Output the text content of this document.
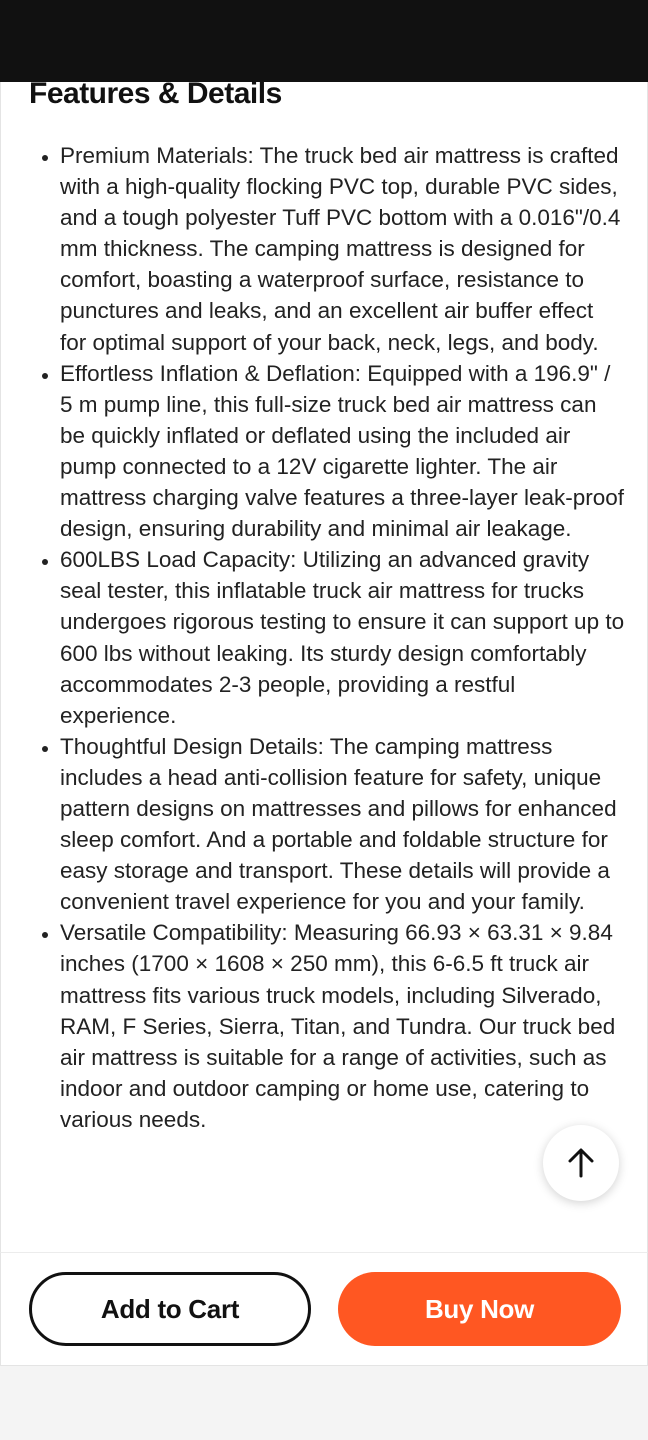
Features & Details
• Premium Materials: The truck bed air mattress is crafted with a high-quality flocking PVC top, durable PVC sides, and a tough polyester Tuff PVC bottom with a 0.016"/0.4 mm thickness. The camping mattress is designed for comfort, boasting a waterproof surface, resistance to punctures and leaks, and an excellent air buffer effect for optimal support of your back, neck, legs, and body.
• Effortless Inflation & Deflation: Equipped with a 196.9" / 5 m pump line, this full-size truck bed air mattress can be quickly inflated or deflated using the included air pump connected to a 12V cigarette lighter. The air mattress charging valve features a three-layer leak-proof design, ensuring durability and minimal air leakage.
• 600LBS Load Capacity: Utilizing an advanced gravity seal tester, this inflatable truck air mattress for trucks undergoes rigorous testing to ensure it can support up to 600 lbs without leaking. Its sturdy design comfortably accommodates 2-3 people, providing a restful experience.
• Thoughtful Design Details: The camping mattress includes a head anti-collision feature for safety, unique pattern designs on mattresses and pillows for enhanced sleep comfort. And a portable and foldable structure for easy storage and transport. These details will provide a convenient travel experience for you and your family.
• Versatile Compatibility: Measuring 66.93 × 63.31 × 9.84 inches (1700 × 1608 × 250 mm), this 6-6.5 ft truck air mattress fits various truck models, including Silverado, RAM, F Series, Sierra, Titan, and Tundra. Our truck bed air mattress is suitable for a range of activities, such as indoor and outdoor camping or home use, catering to various needs.
Add to Cart	Buy Now
